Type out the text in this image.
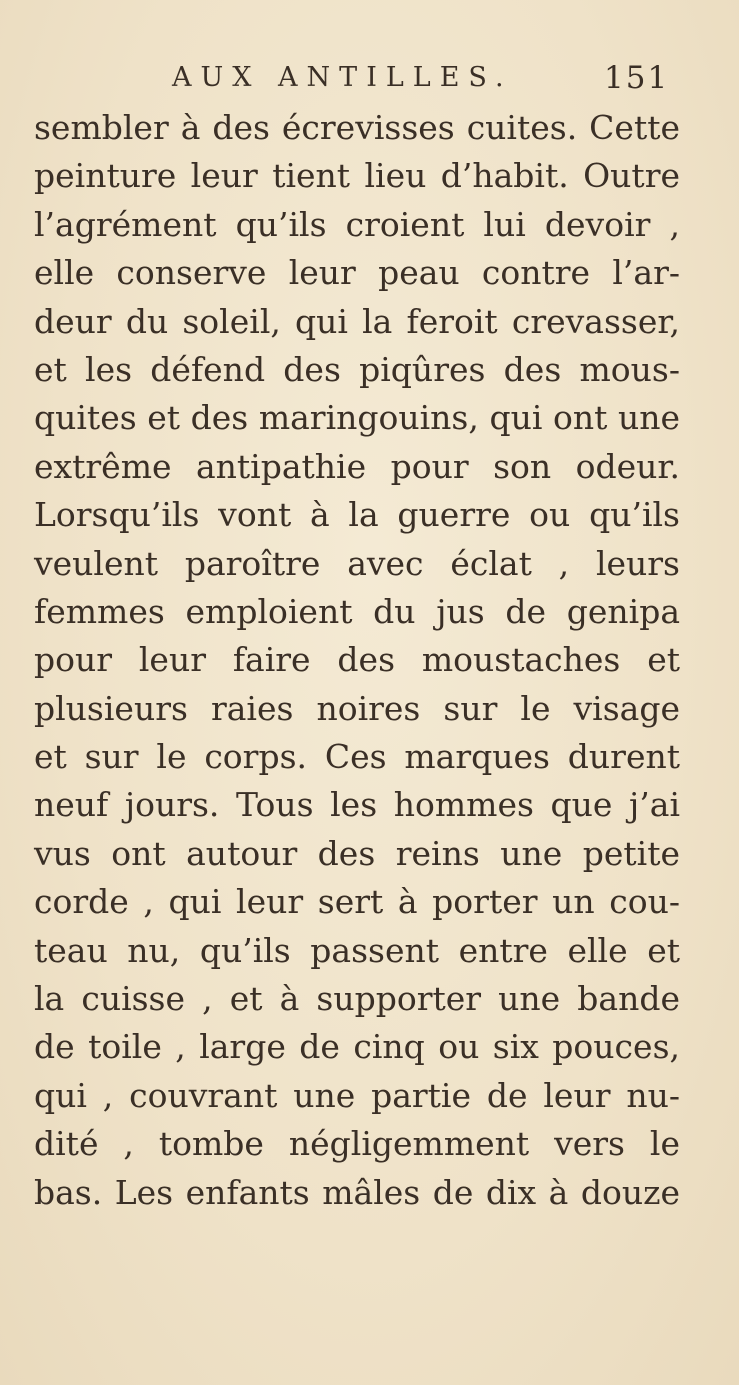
AUX ANTILLES.	151
sembler à des écrevisses cuites. Cette
peinture leur tient lieu d’habit. Outre
l’agrément qu’ils croient lui devoir ,
elle conserve leur peau contre l’ar-
deur du soleil, qui la feroit crevasser,
et les défend des piqûres des mous-
quites et des maringouins, qui ont une
extrême antipathie pour son odeur.
Lorsqu’ils vont à la guerre ou qu’ils
veulent paroître avec éclat , leurs
femmes emploient du jus de genipa
pour leur faire des moustaches et
plusieurs raies noires sur le visage
et sur le corps. Ces marques durent
neuf jours. Tous les hommes que j’ai
vus ont autour des reins une petite
corde , qui leur sert à porter un cou-
teau nu, qu’ils passent entre elle et
la cuisse , et à supporter une bande
de toile , large de cinq ou six pouces,
qui , couvrant une partie de leur nu-
dité , tombe négligemment vers le
bas. Les enfants mâles de dix à douze
